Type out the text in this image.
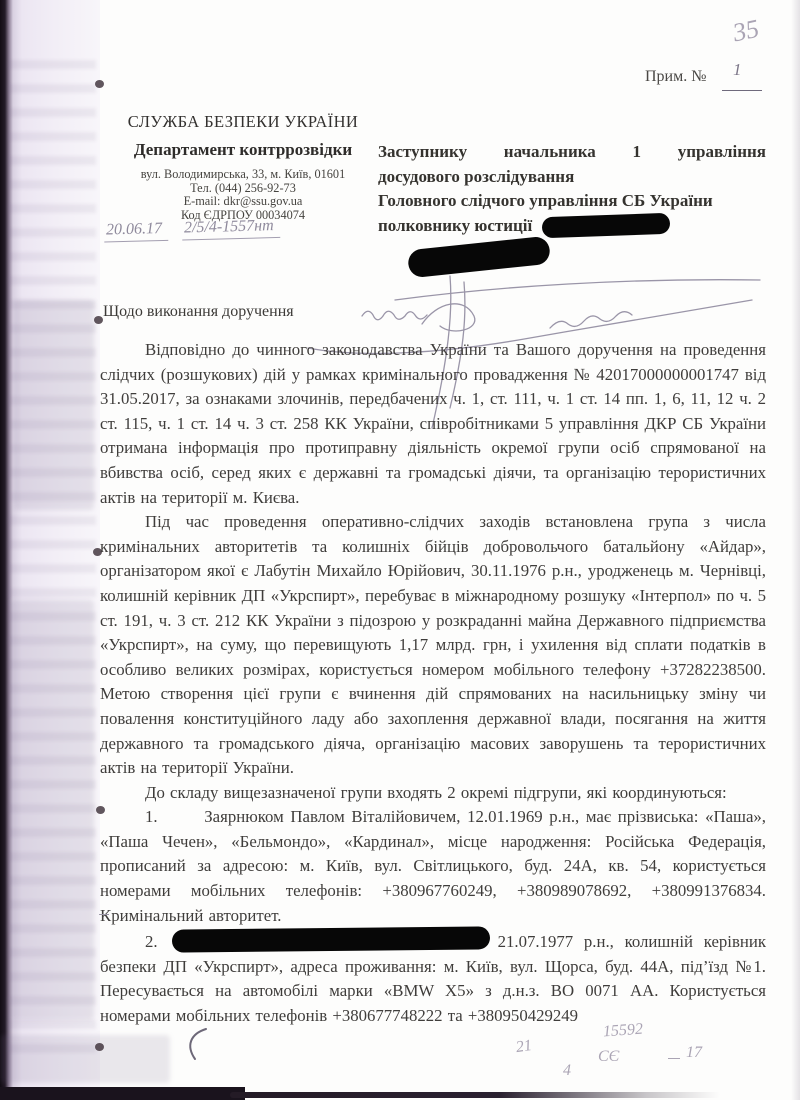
35
Прим. № 1
СЛУЖБА БЕЗПЕКИ УКРАЇНИ
Департамент контррозвідки
вул. Володимирська, 33, м. Київ, 01601
Тел. (044) 256-92-73
E-mail: dkr@ssu.gov.ua
Код ЄДРПОУ 00034074
20.06.17	2/5/4-1557нт
Заступнику начальника 1 управління
досудового розслідування
Головного слідчого управління СБ України
полковнику юстиції
Щодо виконання доручення

Відповідно до чинного законодавства України та Вашого доручення на проведення слідчих (розшукових) дій у рамках кримінального провадження № 42017000000001747 від 31.05.2017, за ознаками злочинів, передбачених ч. 1, ст. 111, ч. 1 ст. 14 пп. 1, 6, 11, 12 ч. 2 ст. 115, ч. 1 ст. 14 ч. 3 ст. 258 КК України, співробітниками 5 управління ДКР СБ України отримана інформація про протиправну діяльність окремої групи осіб спрямованої на вбивства осіб, серед яких є державні та громадські діячи, та організацію терористичних актів на території м. Києва.

Під час проведення оперативно-слідчих заходів встановлена група з числа кримінальних авторитетів та колишніх бійців добровольчого батальйону «Айдар», організатором якої є Лабутін Михайло Юрійович, 30.11.1976 р.н., уродженець м. Чернівці, колишній керівник ДП «Укрспирт», перебуває в міжнародному розшуку «Інтерпол» по ч. 5 ст. 191, ч. 3 ст. 212 КК України з підозрою у розкраданні майна Державного підприємства «Укрспирт», на суму, що перевищують 1,17 млрд. грн, і ухилення від сплати податків в особливо великих розмірах, користується номером мобільного телефону +37282238500. Метою створення цієї групи є вчинення дій спрямованих на насильницьку зміну чи повалення конституційного ладу або захоплення державної влади, посягання на життя державного та громадського діяча, організацію масових заворушень та терористичних актів на території України.

До складу вищезазначеної групи входять 2 окремі підгрупи, які координуються:

1.       Заярнюком Павлом Віталійовичем, 12.01.1969 р.н., має прізвиська: «Паша», «Паша Чечен», «Бельмондо», «Кардинал», місце народження: Російська Федерація, прописаний за адресою: м. Київ, вул. Світлицького, буд. 24А, кв. 54, користується номерами мобільних телефонів: +380967760249, +380989078692, +380991376834. Кримінальний авторитет.

2.	21.07.1977 р.н., колишній керівник безпеки ДП «Укрспирт», адреса проживання: м. Київ, вул. Щорса, буд. 44А, під’їзд №1. Пересувається на автомобілі марки «BMW X5» з д.н.з. ВО 0071 АА. Користується номерами мобільних телефонів +380677748222 та +380950429249

15592
СЄ	17
21
4
